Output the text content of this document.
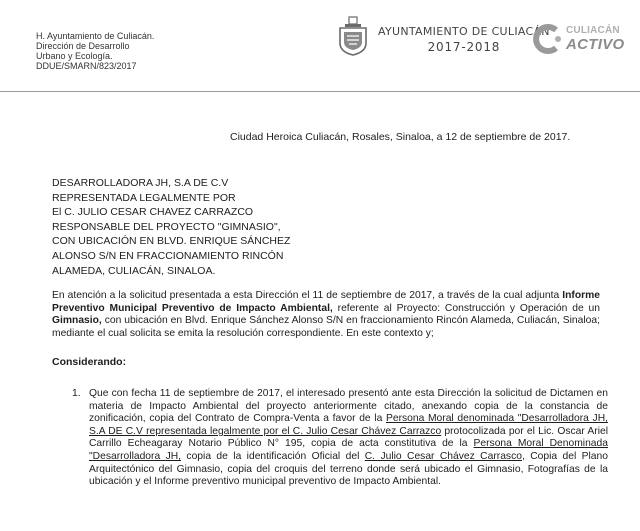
H. Ayuntamiento de Culiacán.
Dirección de Desarrollo
Urbano y Ecología.
DDUE/SMARN/823/2017
AYUNTAMIENTO DE CULIACÁN
2017-2018
CULIACÁN
ACTIVO
Ciudad Heroica Culiacán, Rosales, Sinaloa, a 12 de septiembre de 2017.
DESARROLLADORA JH, S.A DE C.V
REPRESENTADA LEGALMENTE POR
El C. JULIO CESAR CHAVEZ CARRAZCO
RESPONSABLE DEL PROYECTO "GIMNASIO",
CON UBICACIÓN EN BLVD. ENRIQUE SÁNCHEZ
ALONSO S/N EN FRACCIONAMIENTO RINCÓN
ALAMEDA, CULIACÁN, SINALOA.
En atención a la solicitud presentada a esta Dirección el 11 de septiembre de 2017, a través de la cual adjunta Informe Preventivo Municipal Preventivo de Impacto Ambiental, referente al Proyecto: Construcción y Operación de un Gimnasio, con ubicación en Blvd. Enrique Sánchez Alonso S/N en fraccionamiento Rincón Alameda, Culiacán, Sinaloa; mediante el cual solicita se emita la resolución correspondiente. En este contexto y;
Considerando:
1. Que con fecha 11 de septiembre de 2017, el interesado presentó ante esta Dirección la solicitud de Dictamen en materia de Impacto Ambiental del proyecto anteriormente citado, anexando copia de la constancia de zonificación, copia del Contrato de Compra-Venta a favor de la Persona Moral denominada "Desarrolladora JH, S.A DE C.V representada legalmente por el C. Julio Cesar Chávez Carrazco protocolizada por el Lic. Oscar Ariel Carrillo Echeagaray Notario Público N° 195, copia de acta constitutiva de la Persona Moral Denominada "Desarrolladora JH, copia de la identificación Oficial del C. Julio Cesar Chávez Carrasco, Copia del Plano Arquitectónico del Gimnasio, copia del croquis del terreno donde será ubicado el Gimnasio, Fotografías de la ubicación y el Informe preventivo municipal preventivo de Impacto Ambiental.
